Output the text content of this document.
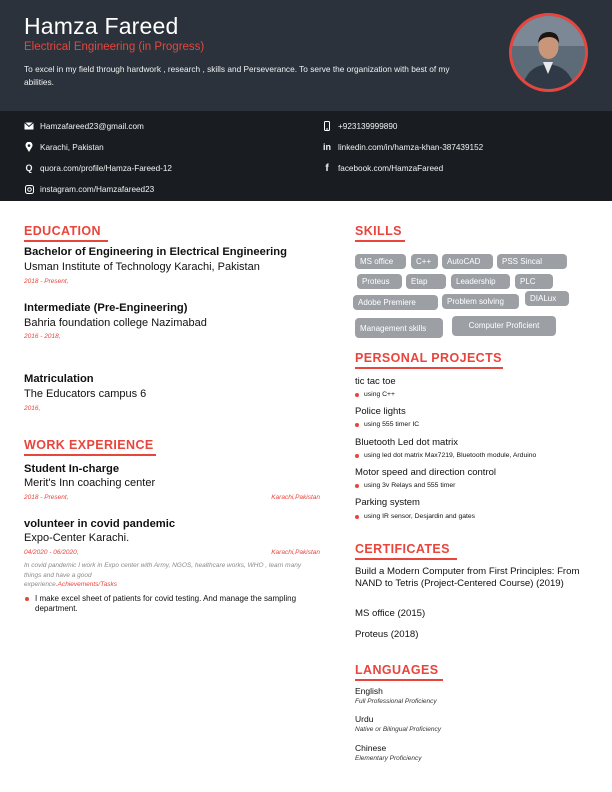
Hamza Fareed
Electrical Engineering (in Progress)
To excel in my field through hardwork , research , skills and Perseverance. To serve the organization with best of my abilities.
Hamzafareed23@gmail.com	+923139999890
Karachi, Pakistan	in linkedin.com/in/hamza-khan-387439152
Q quora.com/profile/Hamza-Fareed-12	f	facebook.com/HamzaFareed
instagram.com/Hamzafareed23
EDUCATION
Bachelor of Engineering in Electrical Engineering
Usman Institute of Technology Karachi, Pakistan
2018 - Present,
Intermediate (Pre-Engineering)
Bahria foundation college Nazimabad
2016 - 2018,
Matriculation
The Educators campus 6
2016,
WORK EXPERIENCE
Student In-charge
Merit's Inn coaching center
2018 - Present,	Karachi,Pakistan
volunteer in covid pandemic
Expo-Center Karachi.
04/2020 - 06/2020,	Karachi,Pakistan
In covid pandemic I work in Expo center with Army, NGOS, healthcare works, WHO , learn many things and have a good
experience.Achievements/Tasks
I make excel sheet of patients for covid testing. And manage the sampling department.
SKILLS
MS office	C++	AutoCAD	PSS Sincal
Proteus	Etap	Leadership	PLC
Adobe Premiere	Problem solving	DIALux
Management skills	Computer Proficient
PERSONAL PROJECTS
tic tac toe
using C++
Police lights
using 555 timer IC
Bluetooth Led dot matrix
using led dot matrix Max7219, Bluetooth module, Arduino
Motor speed and direction control
using 3v Relays and 555 timer
Parking system
using IR sensor, Desjardin and gates
CERTIFICATES
Build a Modern Computer from First Principles: From NAND to Tetris (Project-Centered Course) (2019)
MS office (2015)
Proteus (2018)
LANGUAGES
English
Full Professional Proficiency
Urdu
Native or Bilingual Proficiency
Chinese
Elementary Proficiency
